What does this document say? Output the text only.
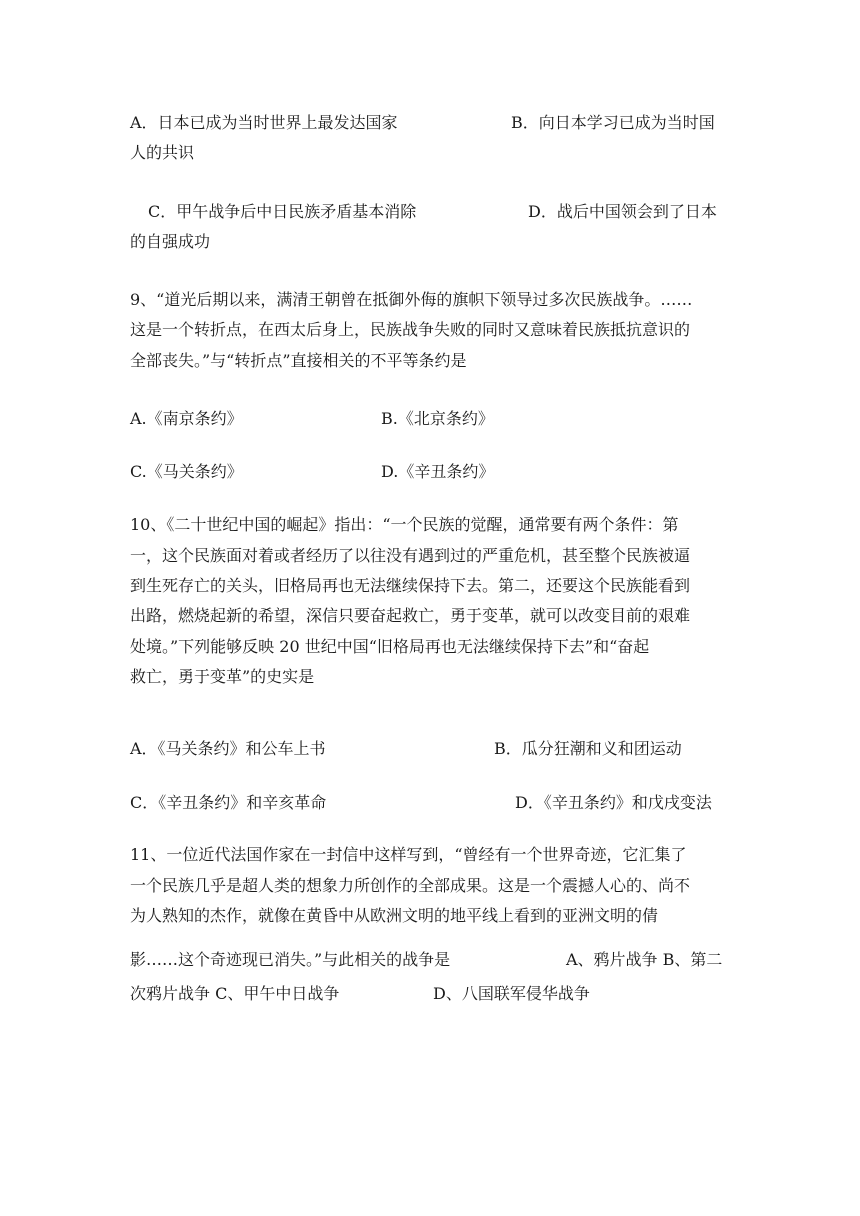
A．日本已成为当时世界上最发达国家	B．向日本学习已成为当时国
人的共识
C．甲午战争后中日民族矛盾基本消除	D．战后中国领会到了日本
的自强成功
9、“道光后期以来，满清王朝曾在抵御外侮的旗帜下领导过多次民族战争。……
这是一个转折点，在西太后身上，民族战争失败的同时又意味着民族抵抗意识的
全部丧失。”与“转折点”直接相关的不平等条约是
A.《南京条约》	B.《北京条约》
C.《马关条约》	D.《辛丑条约》
10、《二十世纪中国的崛起》指出：“一个民族的觉醒，通常要有两个条件：第
一，这个民族面对着或者经历了以往没有遇到过的严重危机，甚至整个民族被逼
到生死存亡的关头，旧格局再也无法继续保持下去。第二，还要这个民族能看到
出路，燃烧起新的希望，深信只要奋起救亡，勇于变革，就可以改变目前的艰难
处境。”下列能够反映 20 世纪中国“旧格局再也无法继续保持下去”和“奋起
救亡，勇于变革”的史实是
A．《马关条约》和公车上书	B．瓜分狂潮和义和团运动
C．《辛丑条约》和辛亥革命	D．《辛丑条约》和戊戌变法
11、一位近代法国作家在一封信中这样写到，“曾经有一个世界奇迹，它汇集了
一个民族几乎是超人类的想象力所创作的全部成果。这是一个震撼人心的、尚不
为人熟知的杰作，就像在黄昏中从欧洲文明的地平线上看到的亚洲文明的倩
影……这个奇迹现已消失。”与此相关的战争是	A、鸦片战争 B、第二
次鸦片战争 C、甲午中日战争	D、八国联军侵华战争
